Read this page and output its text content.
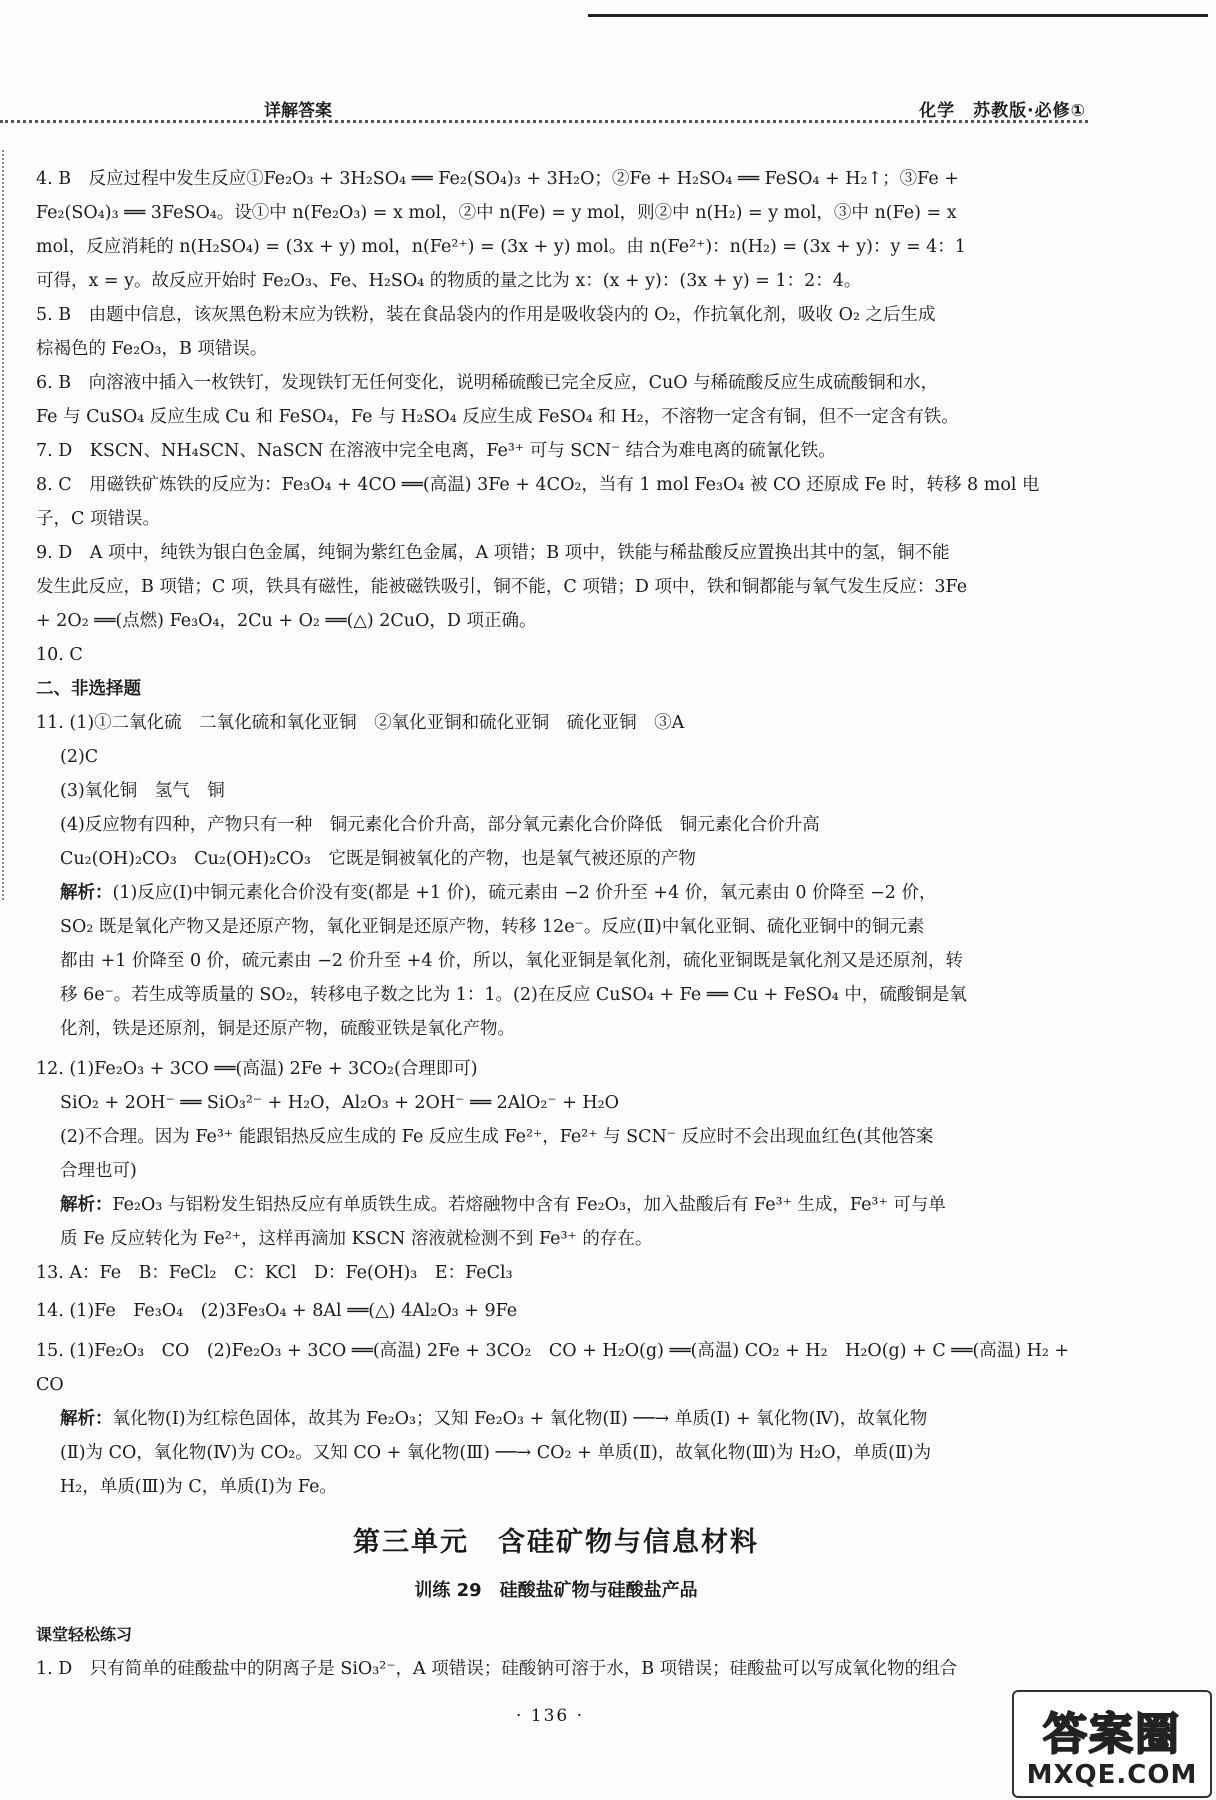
详解答案	化学　苏教版·必修①

4. B　反应过程中发生反应①Fe₂O₃ + 3H₂SO₄ ══ Fe₂(SO₄)₃ + 3H₂O；②Fe + H₂SO₄ ══ FeSO₄ + H₂↑；③Fe +

Fe₂(SO₄)₃ ══ 3FeSO₄。设①中 n(Fe₂O₃) = x mol，②中 n(Fe) = y mol，则②中 n(H₂) = y mol，③中 n(Fe) = x

mol，反应消耗的 n(H₂SO₄) = (3x + y) mol，n(Fe²⁺) = (3x + y) mol。由 n(Fe²⁺)：n(H₂) = (3x + y)：y = 4：1

可得，x = y。故反应开始时 Fe₂O₃、Fe、H₂SO₄ 的物质的量之比为 x：(x + y)：(3x + y) = 1：2：4。

5. B　由题中信息，该灰黑色粉末应为铁粉，装在食品袋内的作用是吸收袋内的 O₂，作抗氧化剂，吸收 O₂ 之后生成

棕褐色的 Fe₂O₃，B 项错误。

6. B　向溶液中插入一枚铁钉，发现铁钉无任何变化，说明稀硫酸已完全反应，CuO 与稀硫酸反应生成硫酸铜和水，

Fe 与 CuSO₄ 反应生成 Cu 和 FeSO₄，Fe 与 H₂SO₄ 反应生成 FeSO₄ 和 H₂，不溶物一定含有铜，但不一定含有铁。

7. D　KSCN、NH₄SCN、NaSCN 在溶液中完全电离，Fe³⁺ 可与 SCN⁻ 结合为难电离的硫氰化铁。

8. C　用磁铁矿炼铁的反应为：Fe₃O₄ + 4CO ══(高温) 3Fe + 4CO₂，当有 1 mol Fe₃O₄ 被 CO 还原成 Fe 时，转移 8 mol 电

子，C 项错误。

9. D　A 项中，纯铁为银白色金属，纯铜为紫红色金属，A 项错；B 项中，铁能与稀盐酸反应置换出其中的氢，铜不能

发生此反应，B 项错；C 项，铁具有磁性，能被磁铁吸引，铜不能，C 项错；D 项中，铁和铜都能与氧气发生反应：3Fe

+ 2O₂ ══(点燃) Fe₃O₄，2Cu + O₂ ══(△) 2CuO，D 项正确。

10. C

二、非选择题

11. (1)①二氧化硫　二氧化硫和氧化亚铜　②氧化亚铜和硫化亚铜　硫化亚铜　③A

(2)C

(3)氧化铜　氢气　铜

(4)反应物有四种，产物只有一种　铜元素化合价升高，部分氧元素化合价降低　铜元素化合价升高

Cu₂(OH)₂CO₃　Cu₂(OH)₂CO₃　它既是铜被氧化的产物，也是氧气被还原的产物

解析：(1)反应(Ⅰ)中铜元素化合价没有变(都是 +1 价)，硫元素由 −2 价升至 +4 价，氧元素由 0 价降至 −2 价，

SO₂ 既是氧化产物又是还原产物，氧化亚铜是还原产物，转移 12e⁻。反应(Ⅱ)中氧化亚铜、硫化亚铜中的铜元素

都由 +1 价降至 0 价，硫元素由 −2 价升至 +4 价，所以，氧化亚铜是氧化剂，硫化亚铜既是氧化剂又是还原剂，转

移 6e⁻。若生成等质量的 SO₂，转移电子数之比为 1：1。(2)在反应 CuSO₄ + Fe ══ Cu + FeSO₄ 中，硫酸铜是氧

化剂，铁是还原剂，铜是还原产物，硫酸亚铁是氧化产物。

12. (1)Fe₂O₃ + 3CO ══(高温) 2Fe + 3CO₂(合理即可)

SiO₂ + 2OH⁻ ══ SiO₃²⁻ + H₂O，Al₂O₃ + 2OH⁻ ══ 2AlO₂⁻ + H₂O

(2)不合理。因为 Fe³⁺ 能跟铝热反应生成的 Fe 反应生成 Fe²⁺，Fe²⁺ 与 SCN⁻ 反应时不会出现血红色(其他答案

合理也可)

解析：Fe₂O₃ 与铝粉发生铝热反应有单质铁生成。若熔融物中含有 Fe₂O₃，加入盐酸后有 Fe³⁺ 生成，Fe³⁺ 可与单

质 Fe 反应转化为 Fe²⁺，这样再滴加 KSCN 溶液就检测不到 Fe³⁺ 的存在。

13. A：Fe　B：FeCl₂　C：KCl　D：Fe(OH)₃　E：FeCl₃

14. (1)Fe　Fe₃O₄　(2)3Fe₃O₄ + 8Al ══(△) 4Al₂O₃ + 9Fe

15. (1)Fe₂O₃　CO　(2)Fe₂O₃ + 3CO ══(高温) 2Fe + 3CO₂　CO + H₂O(g) ══(高温) CO₂ + H₂　H₂O(g) + C ══(高温) H₂ + CO

解析：氧化物(Ⅰ)为红棕色固体，故其为 Fe₂O₃；又知 Fe₂O₃ + 氧化物(Ⅱ) ──→ 单质(Ⅰ) + 氧化物(Ⅳ)，故氧化物

(Ⅱ)为 CO，氧化物(Ⅳ)为 CO₂。又知 CO + 氧化物(Ⅲ) ──→ CO₂ + 单质(Ⅱ)，故氧化物(Ⅲ)为 H₂O，单质(Ⅱ)为

H₂，单质(Ⅲ)为 C，单质(Ⅰ)为 Fe。

第三单元　含硅矿物与信息材料
训练 29　硅酸盐矿物与硅酸盐产品

课堂轻松练习

1. D　只有简单的硅酸盐中的阴离子是 SiO₃²⁻，A 项错误；硅酸钠可溶于水，B 项错误；硅酸盐可以写成氧化物的组合

· 136 ·	答案圈
MXQE.COM
